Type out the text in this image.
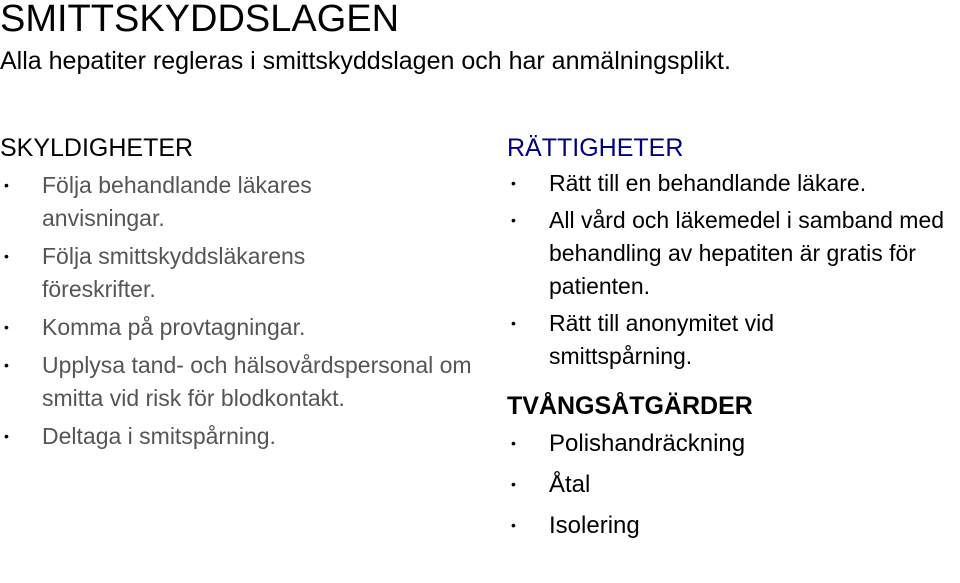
SMITTSKYDDSLAGEN
Alla hepatiter regleras i smittskyddslagen och har anmälningsplikt.
SKYLDIGHETER
• Följa behandlande läkares anvisningar.
• Följa smittskyddsläkarens föreskrifter.
• Komma på provtagningar.
• Upplysa tand- och hälsovårdspersonal om smitta vid risk för blodkontakt.
• Deltaga i smitspårning.
RÄTTIGHETER
• Rätt till en behandlande läkare.
• All vård och läkemedel i samband med behandling av hepatiten är gratis för patienten.
• Rätt till anonymitet vid smittspårning.
TVÅNGSÅTGÄRDER
• Polishandräckning
• Åtal
• Isolering
